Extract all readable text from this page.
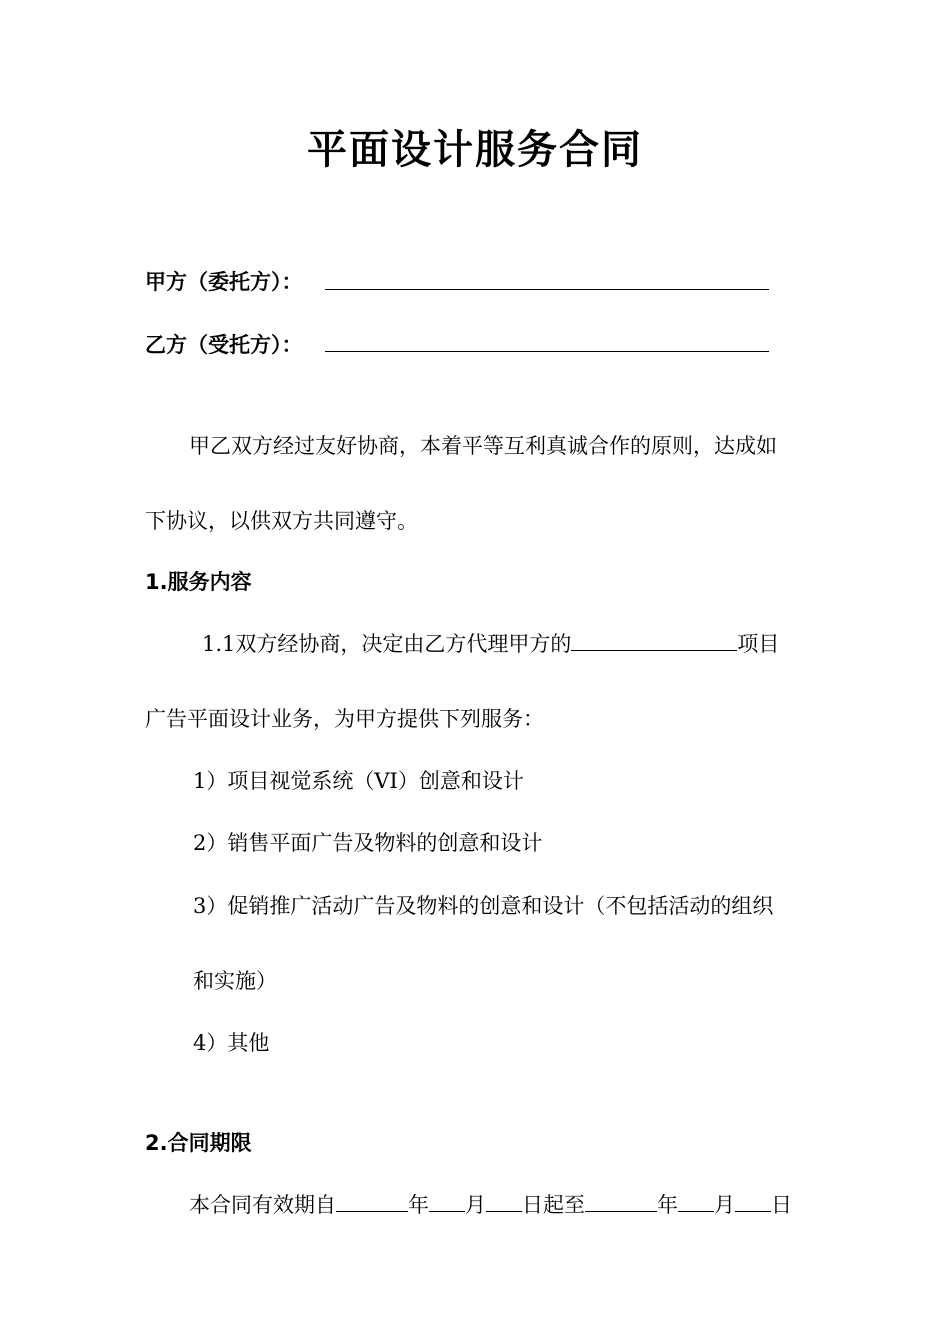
平面设计服务合同
甲方（委托方）：
乙方（受托方）：
甲乙双方经过友好协商，本着平等互利真诚合作的原则，达成如
下协议，以供双方共同遵守。
1.服务内容
1.1双方经协商，决定由乙方代理甲方的	项目
广告平面设计业务，为甲方提供下列服务：
1）项目视觉系统（VI）创意和设计
2）销售平面广告及物料的创意和设计
3）促销推广活动广告及物料的创意和设计（不包括活动的组织
和实施）
4）其他
2.合同期限
本合同有效期自	年 月 日起至	年 月 日
